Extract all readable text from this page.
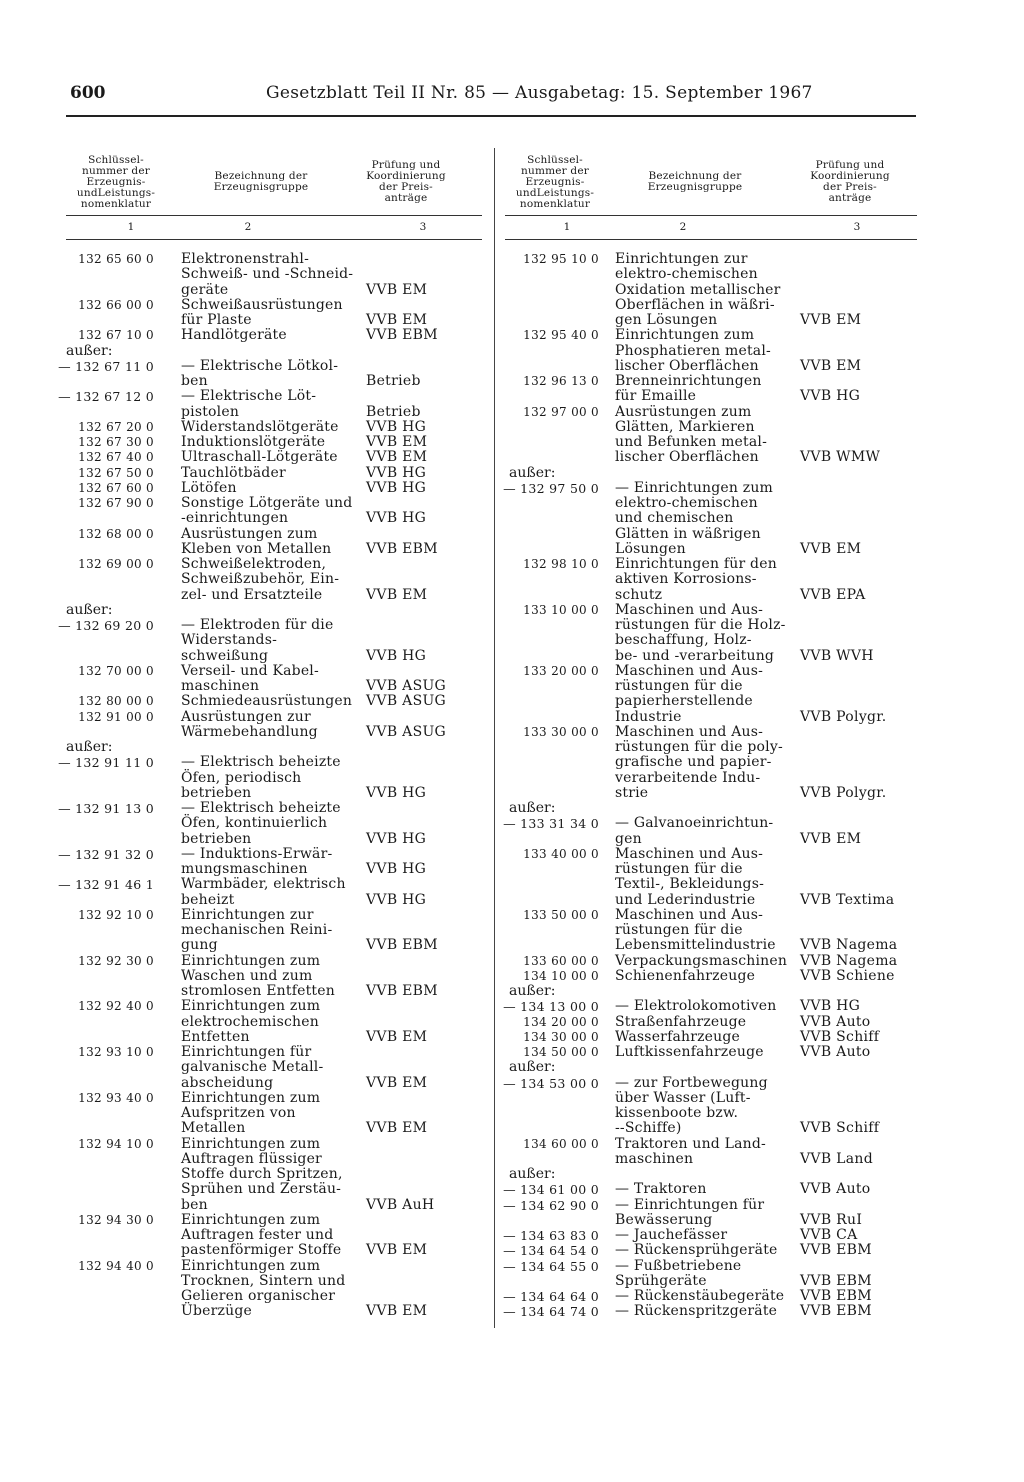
600	Gesetzblatt Teil II Nr. 85 — Ausgabetag: 15. September 1967
Schlüssel-
nummer der
Erzeugnis-
undLeistungs-
nomenklatur
Bezeichnung der
Erzeugnisgruppe
Prüfung und
Koordinierung
der Preis-
anträge
1	2	3
132 65 60 0 Elektronenstrahl-
Schweiß- und -Schneid-
geräte	VVB EM
132 66 00 0 Schweißausrüstungen
für Plaste	VVB EM
132 67 10 0 Handlötgeräte	VVB EBM
außer:
— 132 67 11 0 — Elektrische Lötkol-
ben	Betrieb
— 132 67 12 0 — Elektrische Löt-
pistolen	Betrieb
132 67 20 0 Widerstandslötgeräte	VVB HG
132 67 30 0 Induktionslötgeräte	VVB EM
132 67 40 0 Ultraschall-Lötgeräte	VVB EM
132 67 50 0 Tauchlötbäder	VVB HG
132 67 60 0 Lötöfen	VVB HG
132 67 90 0 Sonstige Lötgeräte und
-einrichtungen	VVB HG
132 68 00 0 Ausrüstungen zum
Kleben von Metallen	VVB EBM
132 69 00 0 Schweißelektroden,
Schweißzubehör, Ein-
zel- und Ersatzteile	VVB EM
außer:
— 132 69 20 0 — Elektroden für die
Widerstands-
schweißung	VVB HG
132 70 00 0 Verseil- und Kabel-
maschinen	VVB ASUG
132 80 00 0 Schmiedeausrüstungen VVB ASUG
132 91 00 0 Ausrüstungen zur
Wärmebehandlung	VVB ASUG
außer:
— 132 91 11 0 — Elektrisch beheizte
Öfen, periodisch
betrieben	VVB HG
— 132 91 13 0 — Elektrisch beheizte
Öfen, kontinuierlich
betrieben	VVB HG
— 132 91 32 0 — Induktions-Erwär-
mungsmaschinen	VVB HG
— 132 91 46 1 Warmbäder, elektrisch
beheizt	VVB HG
132 92 10 0 Einrichtungen zur
mechanischen Reini-
gung	VVB EBM
132 92 30 0 Einrichtungen zum
Waschen und zum
stromlosen Entfetten	VVB EBM
132 92 40 0 Einrichtungen zum
elektrochemischen
Entfetten	VVB EM
132 93 10 0 Einrichtungen für
galvanische Metall-
abscheidung	VVB EM
132 93 40 0 Einrichtungen zum
Aufspritzen von
Metallen	VVB EM
132 94 10 0 Einrichtungen zum
Auftragen flüssiger
Stoffe durch Spritzen,
Sprühen und Zerstäu-
ben	VVB AuH
132 94 30 0 Einrichtungen zum
Auftragen fester und
pastenförmiger Stoffe	VVB EM
132 94 40 0 Einrichtungen zum
Trocknen, Sintern und
Gelieren organischer
Überzüge	VVB EM
Schlüssel-
nummer der
Erzeugnis-
undLeistungs-
nomenklatur
Bezeichnung der
Erzeugnisgruppe
Prüfung und
Koordinierung
der Preis-
anträge
1	2	3
132 95 10 0 Einrichtungen zur
elektro-chemischen
Oxidation metallischer
Oberflächen in wäßri-
gen Lösungen	VVB EM
132 95 40 0 Einrichtungen zum
Phosphatieren metal-
lischer Oberflächen	VVB EM
132 96 13 0 Brenneinrichtungen
für Emaille	VVB HG
132 97 00 0 Ausrüstungen zum
Glätten, Markieren
und Befunken metal-
lischer Oberflächen	VVB WMW
außer:
— 132 97 50 0 — Einrichtungen zum
elektro-chemischen
und chemischen
Glätten in wäßrigen
Lösungen	VVB EM
132 98 10 0 Einrichtungen für den
aktiven Korrosions-
schutz	VVB EPA
133 10 00 0 Maschinen und Aus-
rüstungen für die Holz-
beschaffung, Holz-
be- und -verarbeitung	VVB WVH
133 20 00 0 Maschinen und Aus-
rüstungen für die
papierherstellende
Industrie	VVB Polygr.
133 30 00 0 Maschinen und Aus-
rüstungen für die poly-
grafische und papier-
verarbeitende Indu-
strie	VVB Polygr.
außer:
— 133 31 34 0 — Galvanoeinrichtun-
gen	VVB EM
133 40 00 0 Maschinen und Aus-
rüstungen für die
Textil-, Bekleidungs-
und Lederindustrie	VVB Textima
133 50 00 0 Maschinen und Aus-
rüstungen für die
Lebensmittelindustrie	VVB Nagema
133 60 00 0 Verpackungsmaschinen VVB Nagema
134 10 00 0 Schienenfahrzeuge	VVB Schiene
außer:
— 134 13 00 0 — Elektrolokomotiven	VVB HG
134 20 00 0 Straßenfahrzeuge	VVB Auto
134 30 00 0 Wasserfahrzeuge	VVB Schiff
134 50 00 0 Luftkissenfahrzeuge	VVB Auto
außer:
— 134 53 00 0 — zur Fortbewegung
über Wasser (Luft-
kissenboote bzw.
--Schiffe)	VVB Schiff
134 60 00 0 Traktoren und Land-
maschinen	VVB Land
außer:
— 134 61 00 0 — Traktoren	VVB Auto
— 134 62 90 0 — Einrichtungen für
Bewässerung	VVB RuI
— 134 63 83 0 — Jauchefässer	VVB CA
— 134 64 54 0 — Rückensprühgeräte	VVB EBM
— 134 64 55 0 — Fußbetriebene
Sprühgeräte	VVB EBM
— 134 64 64 0 — Rückenstäubegeräte	VVB EBM
— 134 64 74 0 — Rückenspritzgeräte	VVB EBM
